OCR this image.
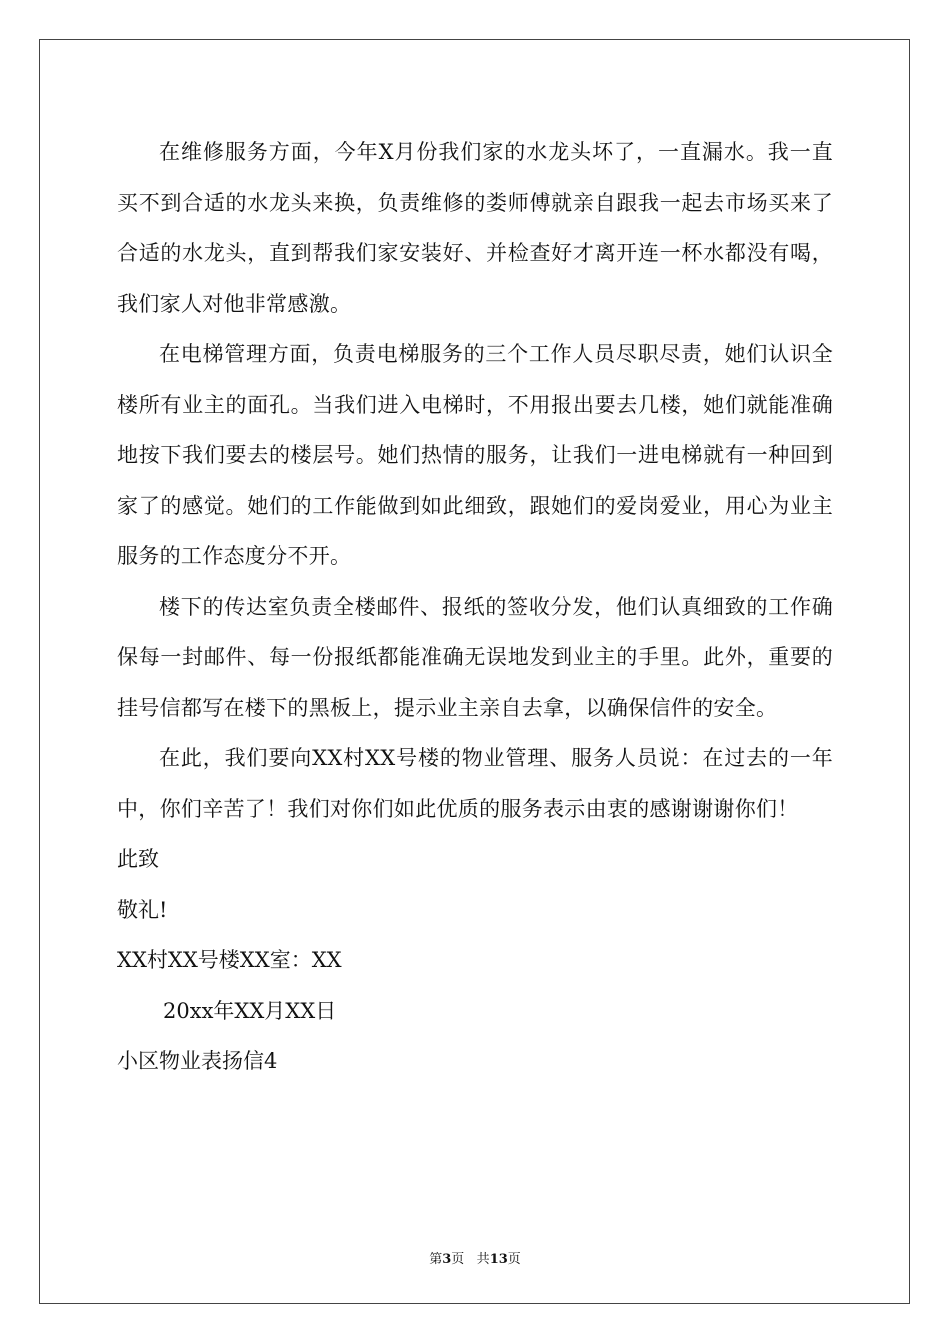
在维修服务方面，今年X月份我们家的水龙头坏了，一直漏水。我一直买不到合适的水龙头来换，负责维修的娄师傅就亲自跟我一起去市场买来了合适的水龙头，直到帮我们家安装好、并检查好才离开连一杯水都没有喝，我们家人对他非常感激。

在电梯管理方面，负责电梯服务的三个工作人员尽职尽责，她们认识全楼所有业主的面孔。当我们进入电梯时，不用报出要去几楼，她们就能准确地按下我们要去的楼层号。她们热情的服务，让我们一进电梯就有一种回到家了的感觉。她们的工作能做到如此细致，跟她们的爱岗爱业，用心为业主服务的工作态度分不开。

楼下的传达室负责全楼邮件、报纸的签收分发，他们认真细致的工作确保每一封邮件、每一份报纸都能准确无误地发到业主的手里。此外，重要的挂号信都写在楼下的黑板上，提示业主亲自去拿，以确保信件的安全。

在此，我们要向XX村XX号楼的物业管理、服务人员说：在过去的一年中，你们辛苦了！我们对你们如此优质的服务表示由衷的感谢谢谢你们！

此致

敬礼!

XX村XX号楼XX室：XX

20xx年XX月XX日

小区物业表扬信4

第3页 共13页
